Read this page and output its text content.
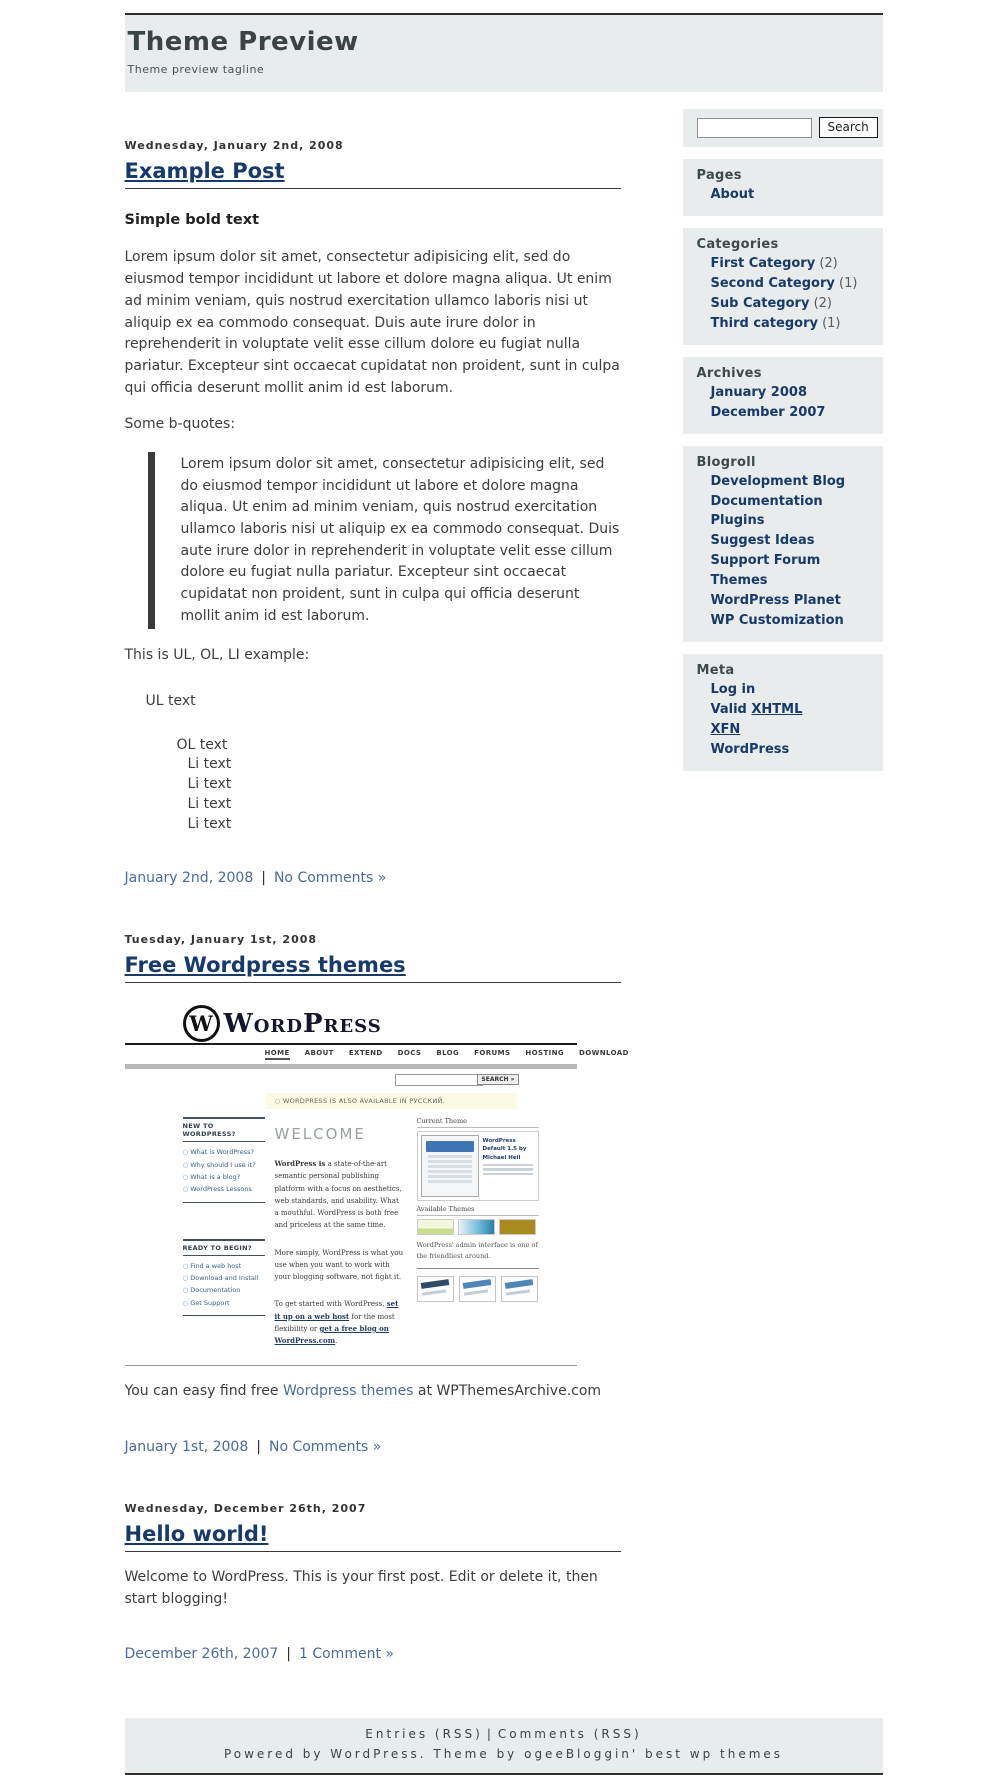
Theme Preview
Theme preview tagline
Wednesday, January 2nd, 2008
Example Post

Simple bold text

Lorem ipsum dolor sit amet, consectetur adipisicing elit, sed do eiusmod tempor incididunt ut labore et dolore magna aliqua. Ut enim ad minim veniam, quis nostrud exercitation ullamco laboris nisi ut aliquip ex ea commodo consequat. Duis aute irure dolor in reprehenderit in voluptate velit esse cillum dolore eu fugiat nulla pariatur. Excepteur sint occaecat cupidatat non proident, sunt in culpa qui officia deserunt mollit anim id est laborum.

Some b-quotes:

Lorem ipsum dolor sit amet, consectetur adipisicing elit, sed do eiusmod tempor incididunt ut labore et dolore magna aliqua. Ut enim ad minim veniam, quis nostrud exercitation ullamco laboris nisi ut aliquip ex ea commodo consequat. Duis aute irure dolor in reprehenderit in voluptate velit esse cillum dolore eu fugiat nulla pariatur. Excepteur sint occaecat cupidatat non proident, sunt in culpa qui officia deserunt mollit anim id est laborum.

This is UL, OL, LI example:

UL text
OL text
Li text
Li text
Li text
Li text
January 2nd, 2008 | No Comments »
Tuesday, January 1st, 2008
Free Wordpress themes
W WordPress
HOME ABOUT EXTEND DOCS BLOG FORUMS HOSTING DOWNLOAD
SEARCH »
○ WORDPRESS IS ALSO AVAILABLE IN РУССКИЙ.
NEW TO WORDPRESS?
○ What is WordPress?
○ Why should I use it?
○ What is a blog?
○ WordPress Lessons
READY TO BEGIN?
○ Find a web host
○ Download and Install
○ Documentation
○ Get Support
WELCOME

WordPress is a state-of-the-art semantic personal publishing platform with a focus on aesthetics, web standards, and usability. What a mouthful. WordPress is both free and priceless at the same time.

More simply, WordPress is what you use when you want to work with your blogging software, not fight it.

To get started with WordPress, set it up on a web host for the most flexibility or get a free blog on WordPress.com.

Current Theme
WordPress Default 1.5 by Michael Heil
Available Themes
WordPress' admin interface is one of the friendliest around.

You can easy find free Wordpress themes at WPThemesArchive.com

January 1st, 2008 | No Comments »
Wednesday, December 26th, 2007
Hello world!

Welcome to WordPress. This is your first post. Edit or delete it, then start blogging!

December 26th, 2007 | 1 Comment »
Search
Pages
About
Categories
First Category (2)
Second Category (1)
Sub Category (2)
Third category (1)
Archives
January 2008
December 2007
Blogroll
Development Blog
Documentation
Plugins
Suggest Ideas
Support Forum
Themes
WordPress Planet
WP Customization
Meta
Log in
Valid XHTML
XFN
WordPress
Entries (RSS) | Comments (RSS)
Powered by WordPress. Theme by ogeeBloggin' best wp themes
